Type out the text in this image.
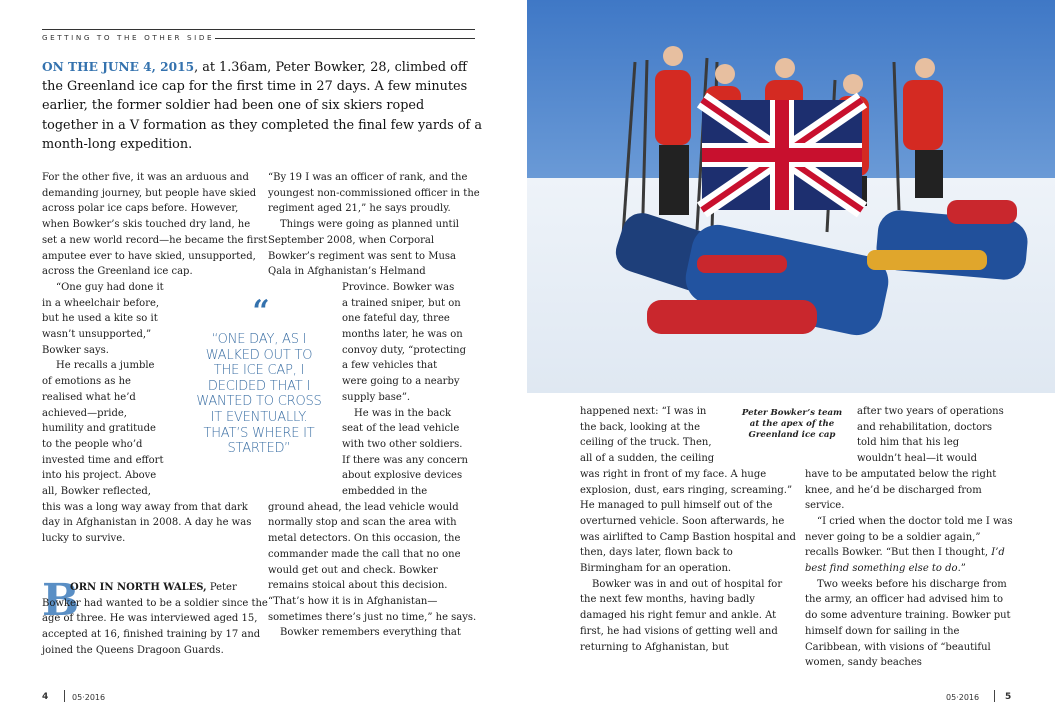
GETTING TO THE OTHER SIDE
ON THE JUNE 4, 2015, at 1.36am, Peter Bowker, 28, climbed off the Greenland ice cap for the first time in 27 days. A few minutes earlier, the former soldier had been one of six skiers roped together in a V formation as they completed the final few yards of a month-long expedition.

For the other five, it was an arduous and demanding journey, but people have skied across polar ice caps before. However, when Bowker’s skis touched dry land, he set a new world record—he became the first amputee ever to have skied, unsupported, across the Greenland ice cap.

“One guy had done it
in a wheelchair before,
but he used a kite so it
wasn’t unsupported,”
Bowker says.
He recalls a jumble
of emotions as he
realised what he’d
achieved—pride,
humility and gratitude
to the people who’d
invested time and effort
into his project. Above
all, Bowker reflected,

this was a long way away from that dark day in Afghanistan in 2008. A day he was lucky to survive.

“
“ONE DAY, AS I WALKED OUT TO THE ICE CAP, I DECIDED THAT I WANTED TO CROSS IT EVENTUALLY. THAT’S WHERE IT STARTED”
B

ORN IN NORTH WALES, Peter Bowker had wanted to be a soldier since the age of three. He was interviewed aged 15, accepted at 16, finished training by 17 and joined the Queens Dragoon Guards.

“By 19 I was an officer of rank, and the youngest non-commissioned officer in the regiment aged 21,” he says proudly.

Things were going as planned until September 2008, when Corporal Bowker’s regiment was sent to Musa Qala in Afghanistan’s Helmand

Province. Bowker was
a trained sniper, but on
one fateful day, three
months later, he was on
convoy duty, “protecting
a few vehicles that
were going to a nearby
supply base”.
He was in the back
seat of the lead vehicle
with two other soldiers.
If there was any concern
about explosive devices
embedded in the

ground ahead, the lead vehicle would normally stop and scan the area with metal detectors. On this occasion, the commander made the call that no one would get out and check. Bowker remains stoical about this decision. “That’s how it is in Afghanistan—sometimes there’s just no time,” he says.

Bowker remembers everything that

Peter Bowker’s team at the apex of the Greenland ice cap
happened next: “I was in
the back, looking at the
ceiling of the truck. Then,
all of a sudden, the ceiling

was right in front of my face. A huge explosion, dust, ears ringing, screaming.” He managed to pull himself out of the overturned vehicle. Soon afterwards, he was airlifted to Camp Bastion hospital and then, days later, flown back to Birmingham for an operation.

Bowker was in and out of hospital for the next few months, having badly damaged his right femur and ankle. At first, he had visions of getting well and returning to Afghanistan, but

after two years of operations
and rehabilitation, doctors
told him that his leg
wouldn’t heal—it would

have to be amputated below the right knee, and he’d be discharged from service.

“I cried when the doctor told me I was never going to be a soldier again,” recalls Bowker. “But then I thought, I’d best find something else to do.”

Two weeks before his discharge from the army, an officer had advised him to do some adventure training. Bowker put himself down for sailing in the Caribbean, with visions of “beautiful women, sandy beaches

4	05·2016	05·2016	5
